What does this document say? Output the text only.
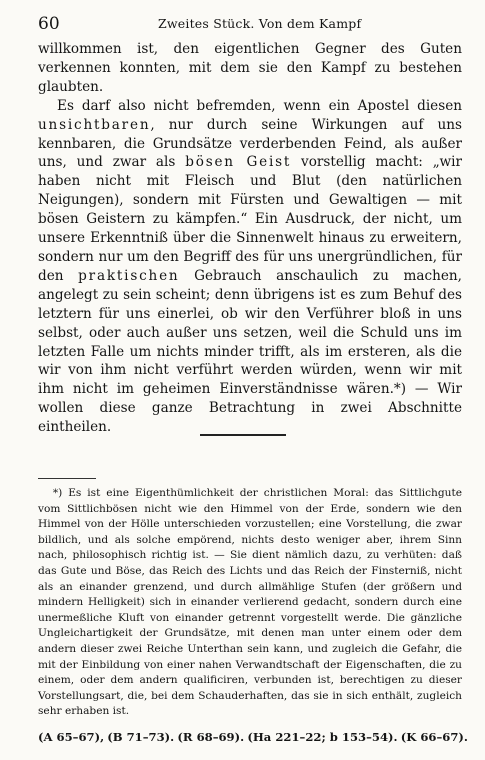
60	Zweites Stück. Von dem Kampf

willkommen ist, den eigentlichen Gegner des Guten verkennen konnten, mit dem sie den Kampf zu bestehen glaubten.

Es darf also nicht befremden, wenn ein Apostel diesen unsichtbaren, nur durch seine Wirkungen auf uns kennbaren, die Grundsätze verderbenden Feind, als außer uns, und zwar als bösen Geist vorstellig macht: „wir haben nicht mit Fleisch und Blut (den natürlichen Neigungen), sondern mit Fürsten und Gewaltigen — mit bösen Geistern zu kämpfen.“ Ein Ausdruck, der nicht, um unsere Erkenntniß über die Sinnenwelt hinaus zu erweitern, sondern nur um den Begriff des für uns unergründlichen, für den praktischen Gebrauch anschaulich zu machen, angelegt zu sein scheint; denn übrigens ist es zum Behuf des letztern für uns einerlei, ob wir den Verführer bloß in uns selbst, oder auch außer uns setzen, weil die Schuld uns im letzten Falle um nichts minder trifft, als im ersteren, als die wir von ihm nicht verführt werden würden, wenn wir mit ihm nicht im geheimen Einverständnisse wären.*) — Wir wollen diese ganze Betrachtung in zwei Abschnitte eintheilen.

*) Es ist eine Eigenthümlichkeit der christlichen Moral: das Sittlichgute vom Sittlichbösen nicht wie den Himmel von der Erde, sondern wie den Himmel von der Hölle unterschieden vorzustellen; eine Vorstellung, die zwar bildlich, und als solche empörend, nichts desto weniger aber, ihrem Sinn nach, philosophisch richtig ist. — Sie dient nämlich dazu, zu verhüten: daß das Gute und Böse, das Reich des Lichts und das Reich der Finsterniß, nicht als an einander grenzend, und durch allmählige Stufen (der größern und mindern Helligkeit) sich in einander verlierend gedacht, sondern durch eine unermeßliche Kluft von einander getrennt vorgestellt werde. Die gänzliche Ungleichartigkeit der Grundsätze, mit denen man unter einem oder dem andern dieser zwei Reiche Unterthan sein kann, und zugleich die Gefahr, die mit der Einbildung von einer nahen Verwandtschaft der Eigenschaften, die zu einem, oder dem andern qualificiren, verbunden ist, berechtigen zu dieser Vorstellungsart, die, bei dem Schauderhaften, das sie in sich enthält, zugleich sehr erhaben ist.

(A 65–67), (B 71–73). (R 68–69). (Ha 221–22; b 153–54). (K 66–67).
